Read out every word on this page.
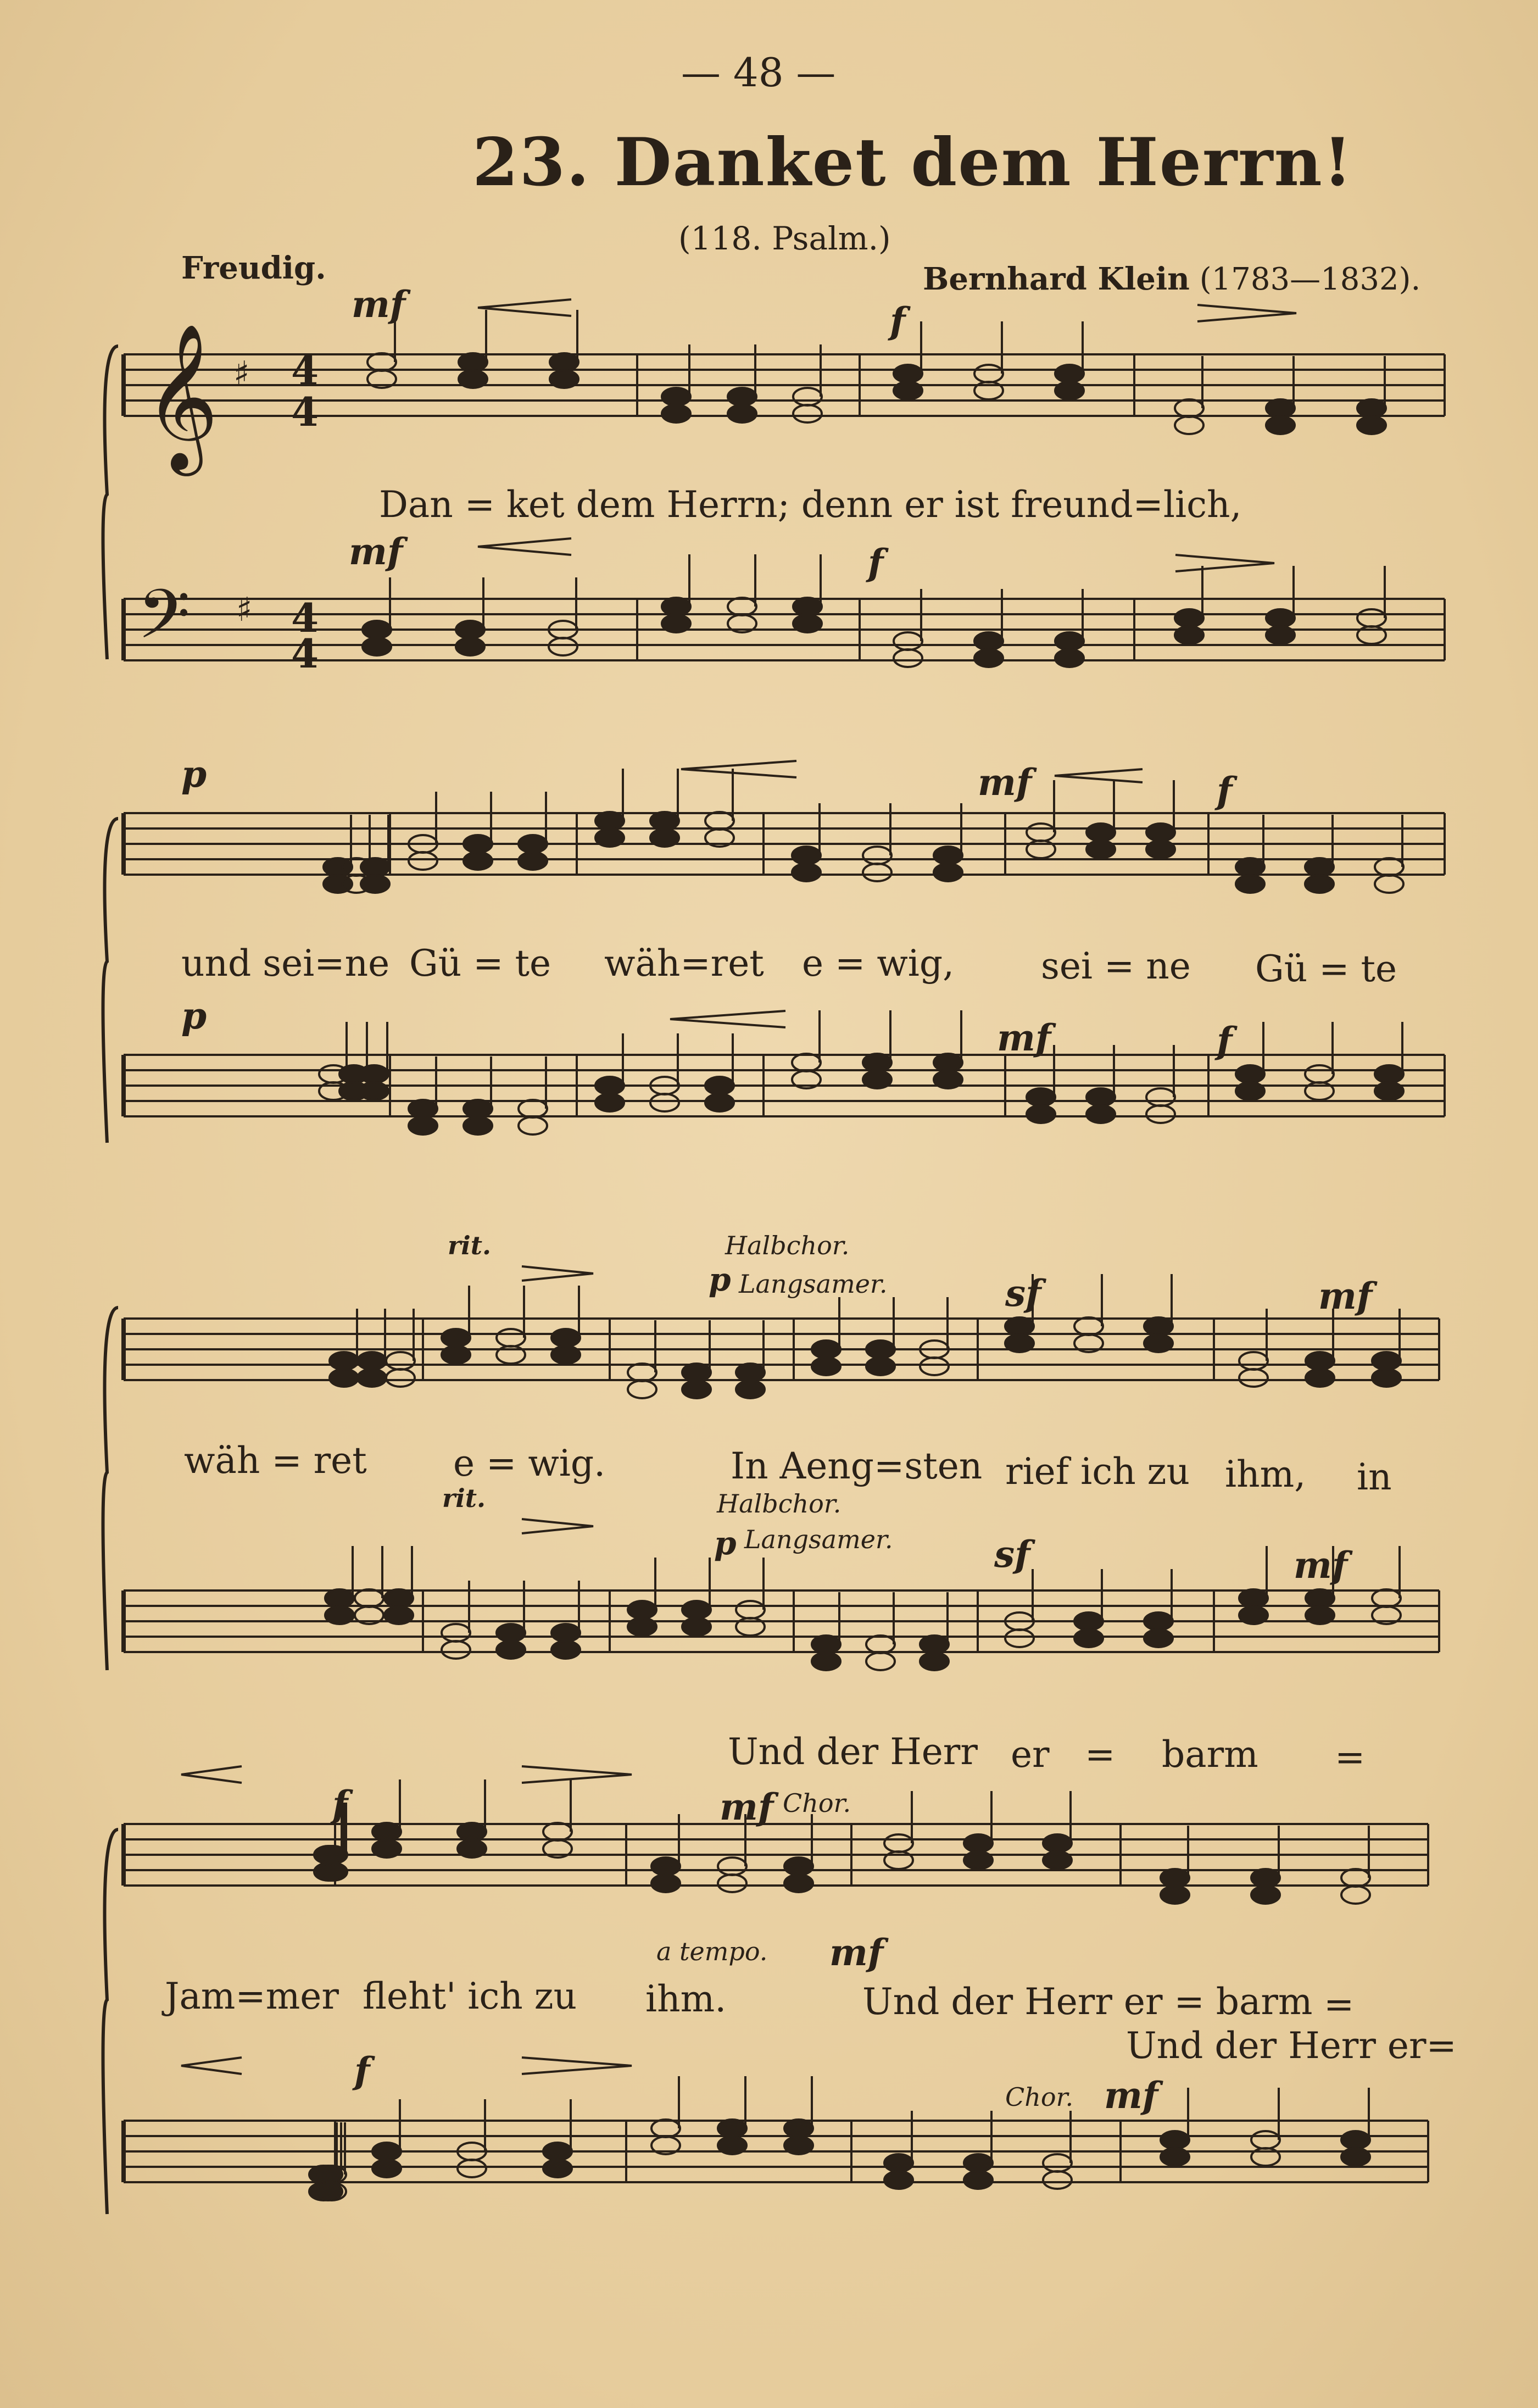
— 48 —
23. Danket dem Herrn!
(118. Psalm.)
Freudig.	Bernhard Klein (1783—1832).
𝄞
𝄢
♯
♯
4
4
4
4
mf	f
mf	f
p	mf	f
p
mf	f
rit.	Halbchor.
p Langsamer.	sf	mf
rit.	Halbchor.
p Langsamer.	sf	mf
f	mf Chor.
a tempo. mf
f
Chor. mf
Dan = ket dem Herrn; denn er ist freund=lich,
und sei=ne Gü = te wäh=ret e = wig, sei = ne Gü = te
wäh = ret e = wig.	In Aeng=sten rief ich zu ihm, in
Und der Herr er = barm =
Jam=mer fleht' ich zu ihm.	Und der Herr er = barm =
Und der Herr er=
